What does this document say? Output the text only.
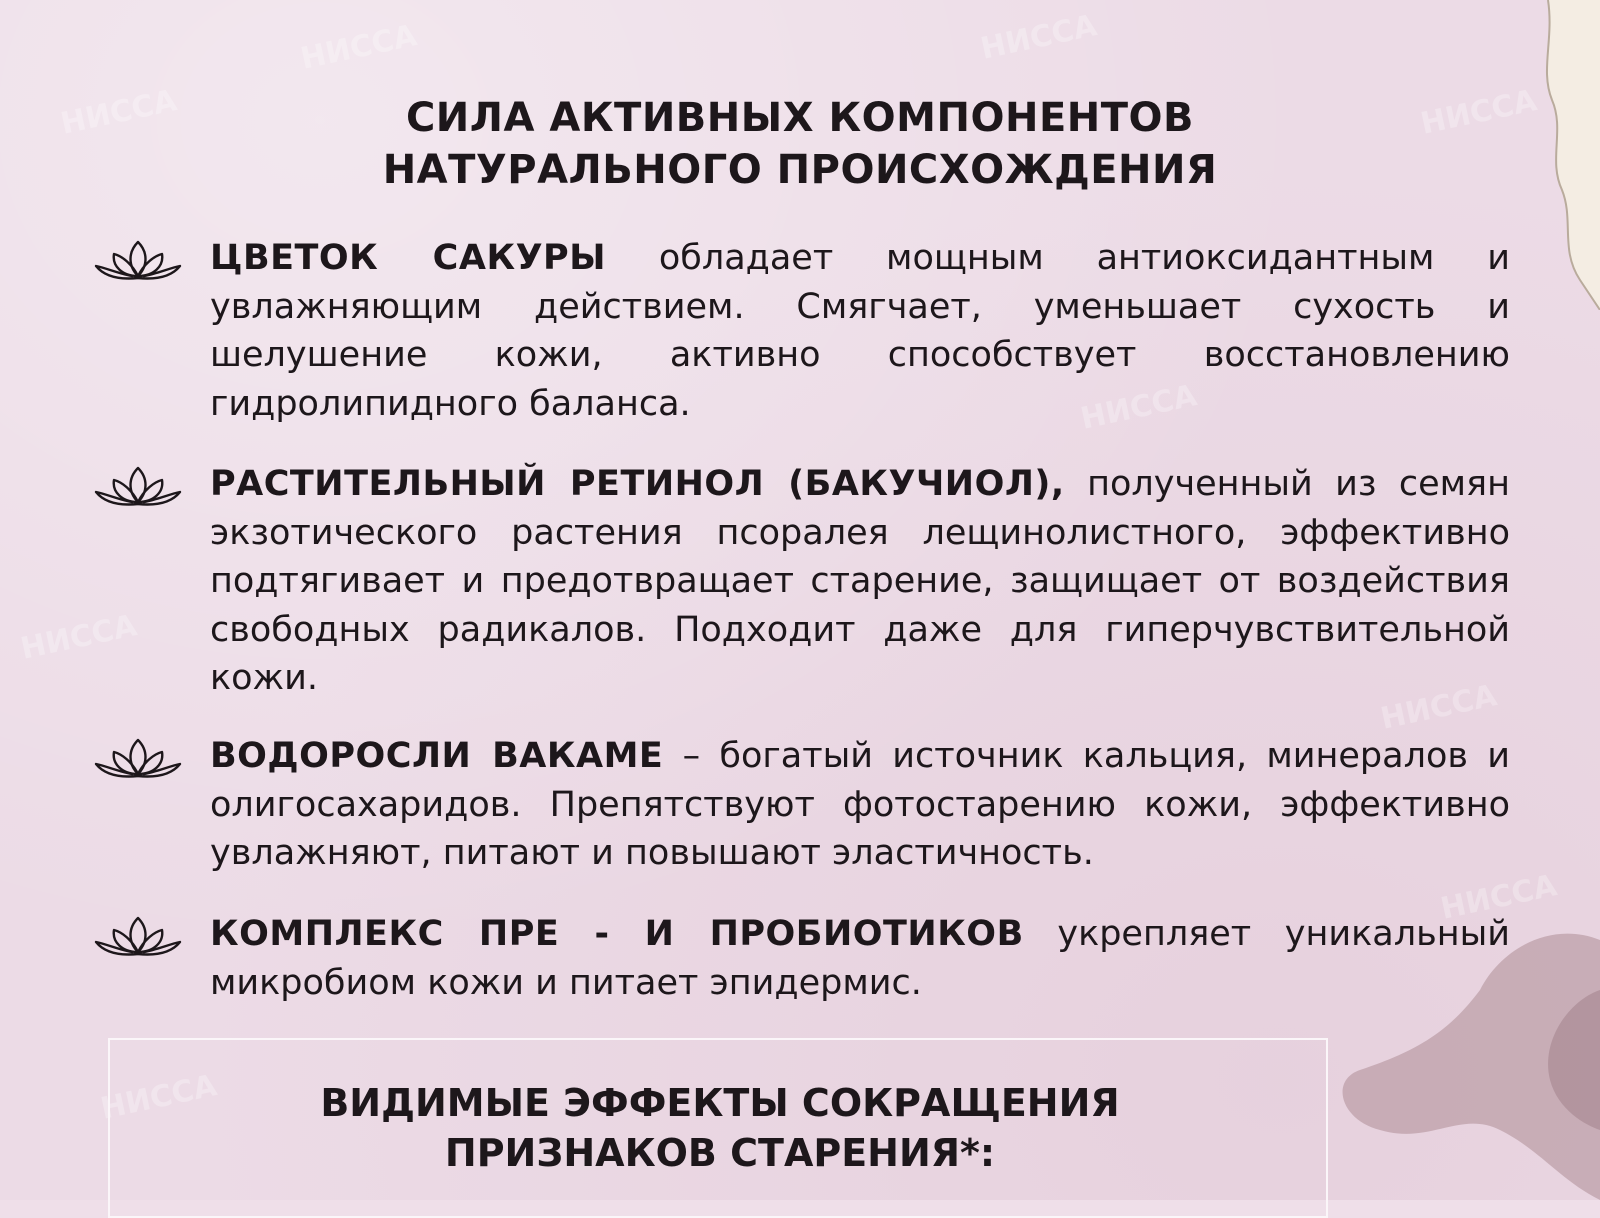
НИССА
НИССА	НИССА
НИССА
НИССА
НИССА
НИССА
НИССА
НИССА
СИЛА АКТИВНЫХ КОМПОНЕНТОВ
НАТУРАЛЬНОГО ПРОИСХОЖДЕНИЯ
ЦВЕТОК САКУРЫ обладает мощным антиоксидантным и увлажняющим действием. Смягчает, уменьшает сухость и шелушение кожи, активно способствует восстановлению гидролипидного баланса.
РАСТИТЕЛЬНЫЙ РЕТИНОЛ (БАКУЧИОЛ), полученный из семян экзотического растения псоралея лещинолистного, эффективно подтягивает и предотвращает старение, защищает от воздействия свободных радикалов. Подходит даже для гиперчувствительной кожи.
ВОДОРОСЛИ ВАКАМЕ – богатый источник кальция, минералов и олигосахаридов. Препятствуют фотостарению кожи, эффективно увлажняют, питают и повышают эластичность.
КОМПЛЕКС ПРЕ - И ПРОБИОТИКОВ укрепляет уникальный микробиом кожи и питает эпидермис.
ВИДИМЫЕ ЭФФЕКТЫ СОКРАЩЕНИЯ
ПРИЗНАКОВ СТАРЕНИЯ*:
